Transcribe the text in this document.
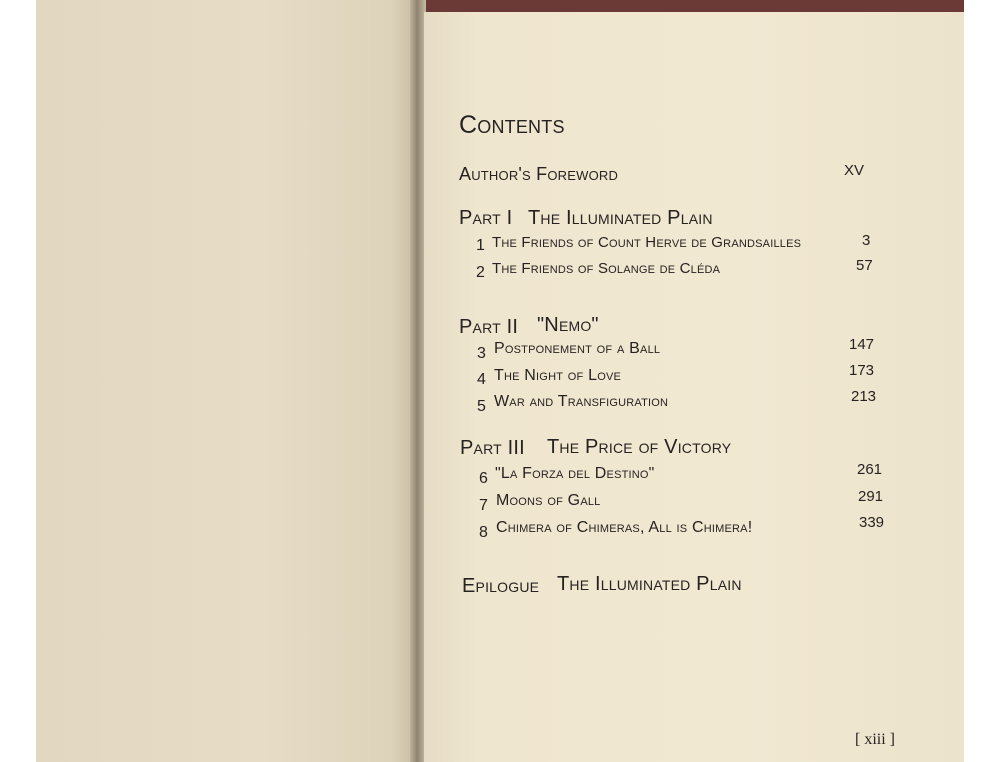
Contents
Author's Foreword	XV
Part I The Illuminated Plain
1 The Friends of Count Herve de Grandsailles	3
2 The Friends of Solange de Cléda	57
Part II "Nemo"
3 Postponement of a Ball	147
4 The Night of Love	173
5 War and Transfiguration	213
Part III The Price of Victory
6 "La Forza del Destino"	261
7 Moons of Gall	291
8 Chimera of Chimeras, All is Chimera!	339
Epilogue The Illuminated Plain
[ xiii ]
